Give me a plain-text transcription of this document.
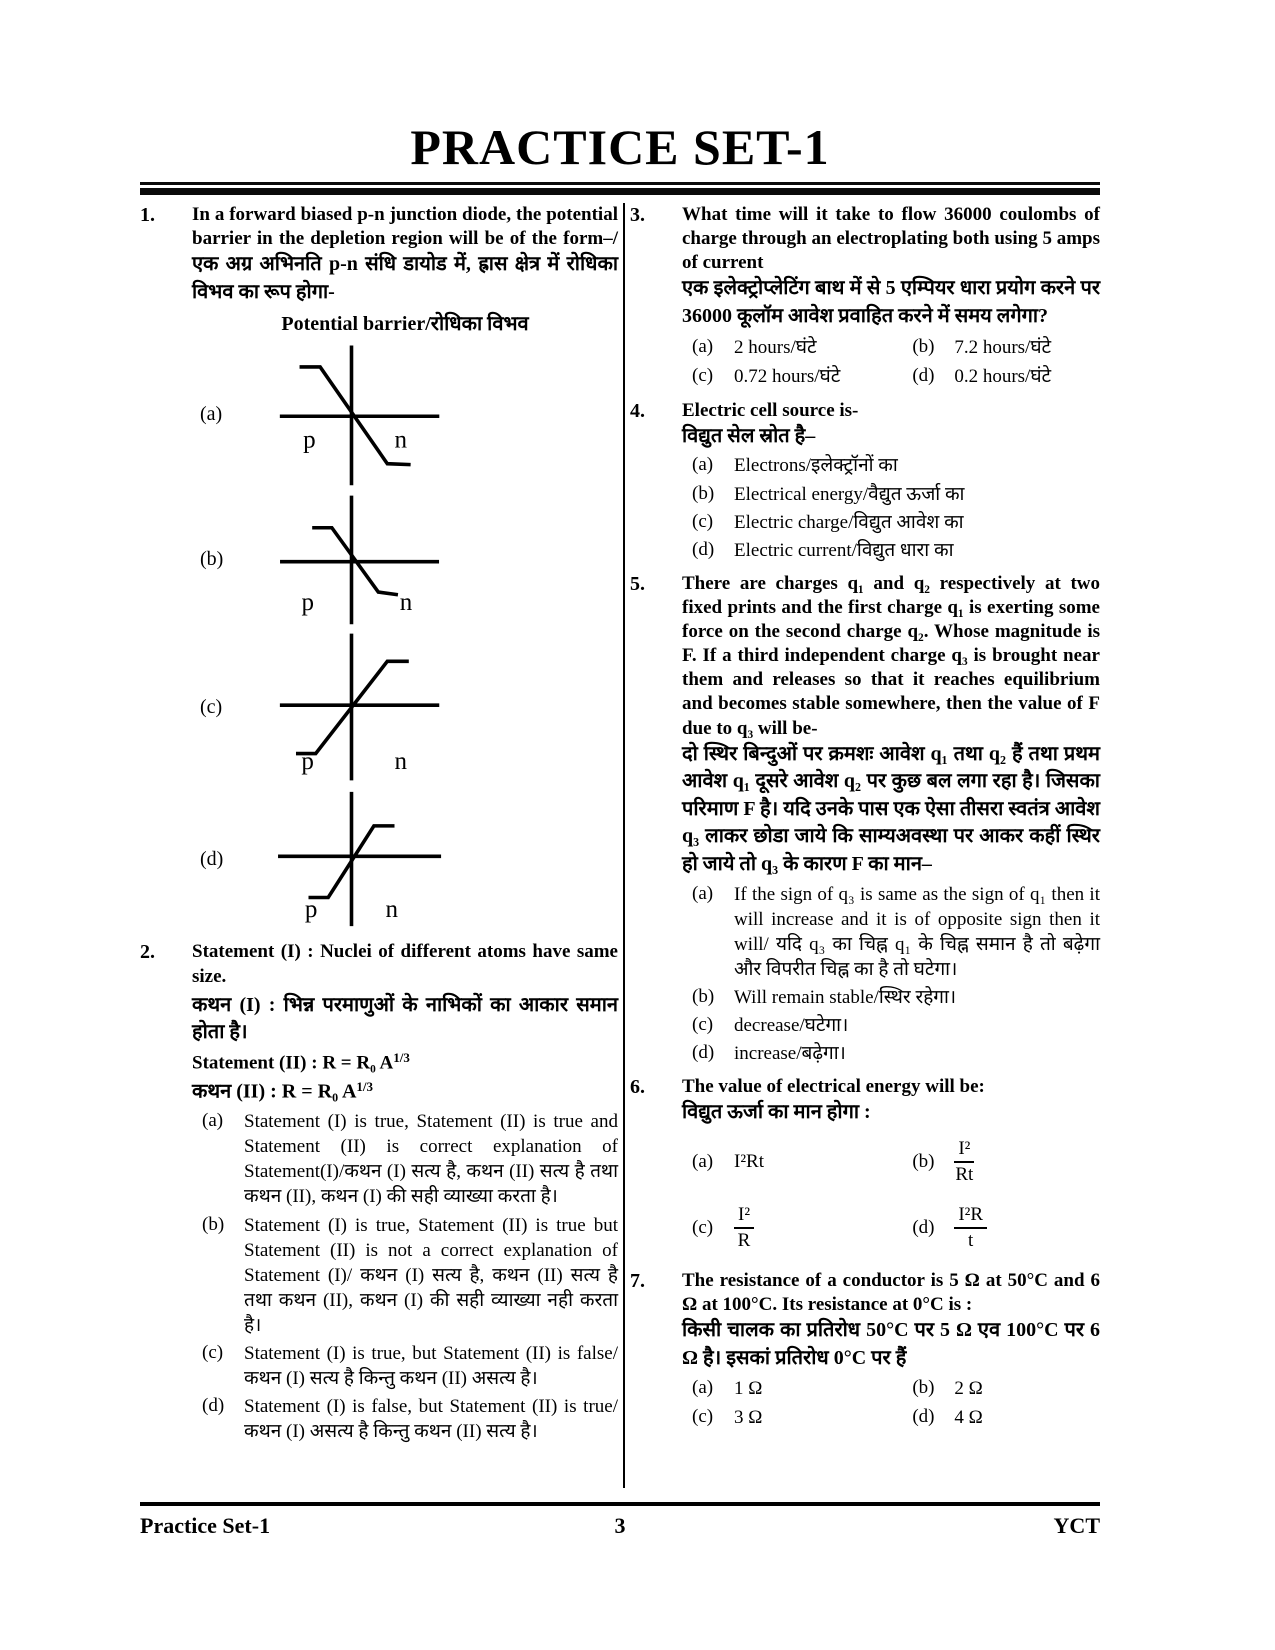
PRACTICE SET-1
1.	In a forward biased p-n junction diode, the potential barrier in the depletion region will be of the form–/एक अग्र अभिनति p-n संधि डायोड में, ह्रास क्षेत्र में रोधिका विभव का रूप होगा-

Potential barrier/रोधिका विभव

(a)
p	n
(b)
p	n
(c)
p	n
(d)
p n
2.	Statement (I) : Nuclei of different atoms have same size.

कथन (I) : भिन्न परमाणुओं के नाभिकों का आकार समान होता है।

Statement (II) : R = R₀ $A^{1/3}$

कथन (II) : R = R₀ $A^{1/3}$

(a)	Statement (I) is true, Statement (II) is true and Statement (II) is correct explanation of Statement(I)/कथन (I) सत्य है, कथन (II) सत्य है तथा कथन (II), कथन (I) की सही व्याख्या करता है।
(b)	Statement (I) is true, Statement (II) is true but Statement (II) is not a correct explanation of Statement (I)/ कथन (I) सत्य है, कथन (II) सत्य है तथा कथन (II), कथन (I) की सही व्याख्या नही करता है।
(c)	Statement (I) is true, but Statement (II) is false/कथन (I) सत्य है किन्तु कथन (II) असत्य है।
(d)	Statement (I) is false, but Statement (II) is true/ कथन (I) असत्य है किन्तु कथन (II) सत्य है।
3.	What time will it take to flow 36000 coulombs of charge through an electroplating both using 5 amps of current
एक इलेक्ट्रोप्लेटिंग बाथ में से 5 एम्पियर धारा प्रयोग करने पर 36000 कूलॉम आवेश प्रवाहित करने में समय लगेगा?

(a)	2 hours/घंटे	(b)	7.2 hours/घंटे
(c)	0.72 hours/घंटे	(d)	0.2 hours/घंटे
4.	Electric cell source is-
विद्युत सेल स्रोत है–

(a)	Electrons/इलेक्ट्रॉनों का
(b)	Electrical energy/वैद्युत ऊर्जा का
(c)	Electric charge/विद्युत आवेश का
(d)	Electric current/विद्युत धारा का
5.	There are charges q₁ and q₂ respectively at two fixed prints and the first charge q₁ is exerting some force on the second charge q₂. Whose magnitude is F. If a third independent charge q₃ is brought near them and releases so that it reaches equilibrium and becomes stable somewhere, then the value of F due to q₃ will be-
दो स्थिर बिन्दुओं पर क्रमशः आवेश q₁ तथा q₂ हैं तथा प्रथम आवेश q₁ दूसरे आवेश q₂ पर कुछ बल लगा रहा है। जिसका परिमाण F है। यदि उनके पास एक ऐसा तीसरा स्वतंत्र आवेश q₃ लाकर छोडा जाये कि साम्यअवस्था पर आकर कहीं स्थिर हो जाये तो q₃ के कारण F का मान–

(a)	If the sign of q₃ is same as the sign of q₁ then it will increase and it is of opposite sign then it will/ यदि q₃ का चिह्न q₁ के चिह्न समान है तो बढ़ेगा और विपरीत चिह्न का है तो घटेगा।
(b)	Will remain stable/स्थिर रहेगा।
(c)	decrease/घटेगा।
(d)	increase/बढ़ेगा।
6.	The value of electrical energy will be:
विद्युत ऊर्जा का मान होगा :

(a)	I²Rt	(b)	$\frac{\text{I²}}{Rt}$
(c)	$\frac{\text{I²}}{R}$	(d)	$\frac{\text{I²R}}{t}$
7.	The resistance of a conductor is 5 Ω at 50°C and 6 Ω at 100°C. Its resistance at 0°C is :
किसी चालक का प्रतिरोध 50°C पर 5 Ω एव 100°C पर 6 Ω है। इसकां प्रतिरोध 0°C पर हैं

(a)	1 Ω	(b)	2 Ω
(c)	3 Ω	(d)	4 Ω
Practice Set-1	3	YCT
